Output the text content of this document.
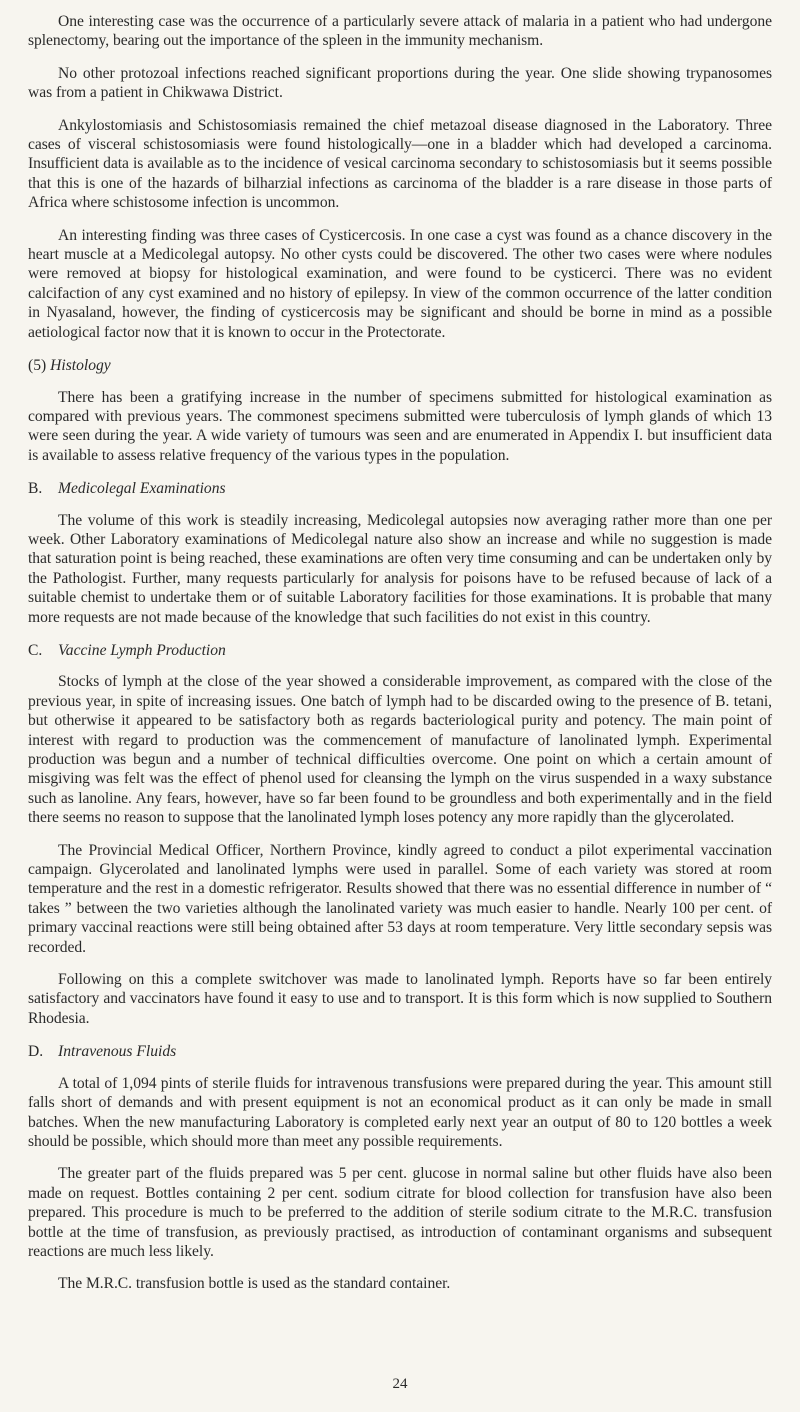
One interesting case was the occurrence of a particularly severe attack of malaria in a patient who had undergone splenectomy, bearing out the importance of the spleen in the immunity mechanism.

No other protozoal infections reached significant proportions during the year. One slide showing trypanosomes was from a patient in Chikwawa District.

Ankylostomiasis and Schistosomiasis remained the chief metazoal disease diagnosed in the Laboratory. Three cases of visceral schistosomiasis were found histologically—one in a bladder which had developed a carcinoma. Insufficient data is available as to the incidence of vesical carcinoma secondary to schistosomiasis but it seems possible that this is one of the hazards of bilharzial infections as carcinoma of the bladder is a rare disease in those parts of Africa where schistosome infection is uncommon.

An interesting finding was three cases of Cysticercosis. In one case a cyst was found as a chance discovery in the heart muscle at a Medicolegal autopsy. No other cysts could be discovered. The other two cases were where nodules were removed at biopsy for histological examination, and were found to be cysticerci. There was no evident calcifaction of any cyst examined and no history of epilepsy. In view of the common occurrence of the latter condition in Nyasaland, however, the finding of cysticercosis may be significant and should be borne in mind as a possible aetiological factor now that it is known to occur in the Protectorate.

(5) Histology

There has been a gratifying increase in the number of specimens submitted for histological examination as compared with previous years. The commonest specimens submitted were tuberculosis of lymph glands of which 13 were seen during the year. A wide variety of tumours was seen and are enumerated in Appendix I. but insufficient data is available to assess relative frequency of the various types in the population.

B. Medicolegal Examinations

The volume of this work is steadily increasing, Medicolegal autopsies now averaging rather more than one per week. Other Laboratory examinations of Medicolegal nature also show an increase and while no suggestion is made that saturation point is being reached, these examinations are often very time consuming and can be undertaken only by the Pathologist. Further, many requests particularly for analysis for poisons have to be refused because of lack of a suitable chemist to undertake them or of suitable Laboratory facilities for those examinations. It is probable that many more requests are not made because of the knowledge that such facilities do not exist in this country.

C. Vaccine Lymph Production

Stocks of lymph at the close of the year showed a considerable improvement, as compared with the close of the previous year, in spite of increasing issues. One batch of lymph had to be discarded owing to the presence of B. tetani, but otherwise it appeared to be satisfactory both as regards bacteriological purity and potency. The main point of interest with regard to production was the commencement of manufacture of lanolinated lymph. Experimental production was begun and a number of technical difficulties overcome. One point on which a certain amount of misgiving was felt was the effect of phenol used for cleansing the lymph on the virus suspended in a waxy substance such as lanoline. Any fears, however, have so far been found to be groundless and both experimentally and in the field there seems no reason to suppose that the lanolinated lymph loses potency any more rapidly than the glycerolated.

The Provincial Medical Officer, Northern Province, kindly agreed to conduct a pilot experimental vaccination campaign. Glycerolated and lanolinated lymphs were used in parallel. Some of each variety was stored at room temperature and the rest in a domestic refrigerator. Results showed that there was no essential difference in number of “ takes ” between the two varieties although the lanolinated variety was much easier to handle. Nearly 100 per cent. of primary vaccinal reactions were still being obtained after 53 days at room temperature. Very little secondary sepsis was recorded.

Following on this a complete switchover was made to lanolinated lymph. Reports have so far been entirely satisfactory and vaccinators have found it easy to use and to transport. It is this form which is now supplied to Southern Rhodesia.

D. Intravenous Fluids

A total of 1,094 pints of sterile fluids for intravenous transfusions were prepared during the year. This amount still falls short of demands and with present equipment is not an economical product as it can only be made in small batches. When the new manufacturing Laboratory is completed early next year an output of 80 to 120 bottles a week should be possible, which should more than meet any possible requirements.

The greater part of the fluids prepared was 5 per cent. glucose in normal saline but other fluids have also been made on request. Bottles containing 2 per cent. sodium citrate for blood collection for transfusion have also been prepared. This procedure is much to be preferred to the addition of sterile sodium citrate to the M.R.C. transfusion bottle at the time of transfusion, as previously practised, as introduction of contaminant organisms and subsequent reactions are much less likely.

The M.R.C. transfusion bottle is used as the standard container.

24
